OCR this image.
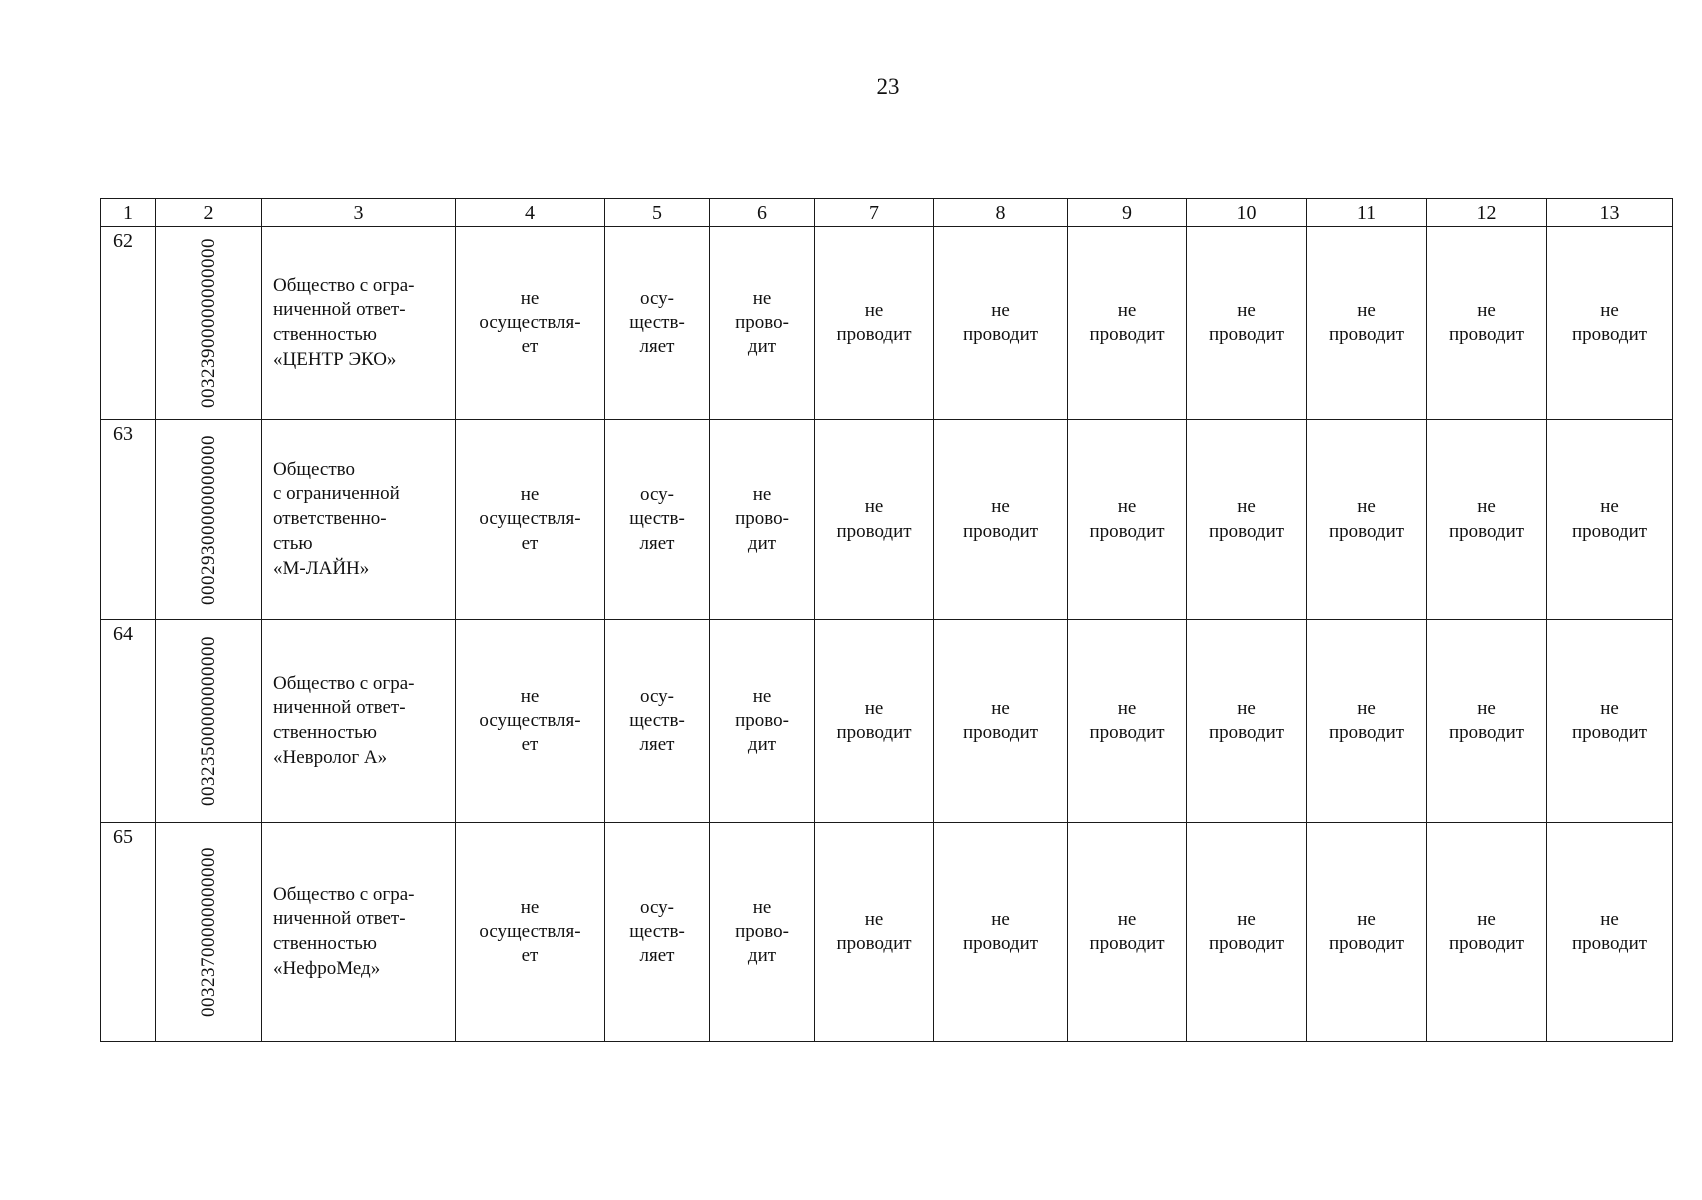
23
1	2	3	4	5	6	7	8	9	10	11	12	13
62	00323900000000000	Общество с огра-
ниченной ответ-
ственностью
«ЦЕНТР ЭКО»	не
осуществля-
ет	осу-
ществ-
ляет	не
прово-
дит	не
проводит	не
проводит	не
проводит	не
проводит	не
проводит	не
проводит	не
проводит

63	00029300000000000	Общество
с ограниченной
ответственно-
стью
«М-ЛАЙН»	не
осуществля-
ет	осу-
ществ-
ляет	не
прово-
дит	не
проводит	не
проводит	не
проводит	не
проводит	не
проводит	не
проводит	не
проводит

64	00323500000000000	Общество с огра-
ниченной ответ-
ственностью
«Невролог А»	не
осуществля-
ет	осу-
ществ-
ляет	не
прово-
дит	не
проводит	не
проводит	не
проводит	не
проводит	не
проводит	не
проводит	не
проводит

65	00323700000000000	Общество с огра-
ниченной ответ-
ственностью
«НефроМед»	не
осуществля-
ет	осу-
ществ-
ляет	не
прово-
дит	не
проводит	не
проводит	не
проводит	не
проводит	не
проводит	не
проводит	не
проводит
